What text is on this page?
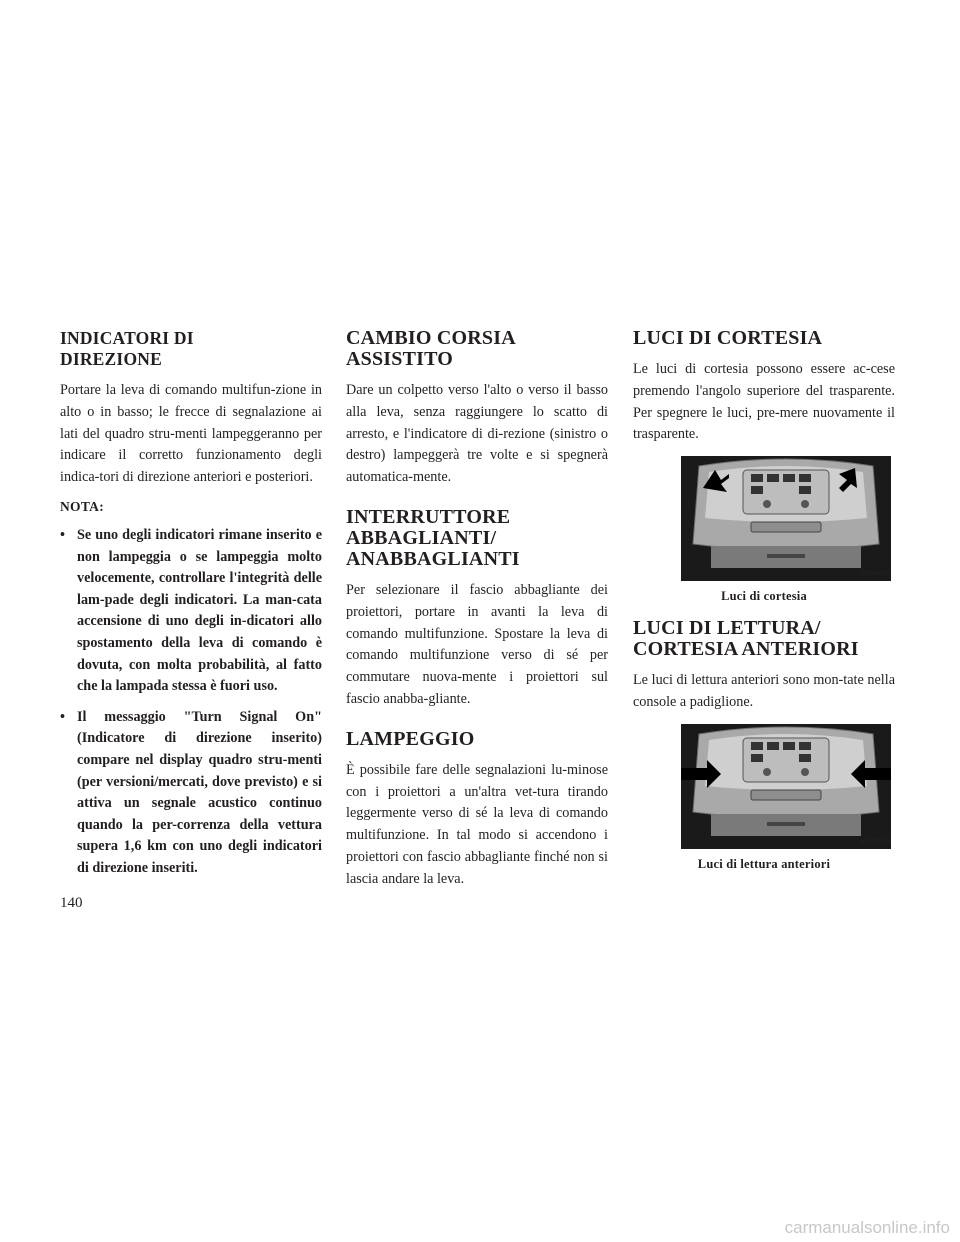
INDICATORI DI
DIREZIONE

Portare la leva di comando multifun-zione in alto o in basso; le frecce di segnalazione ai lati del quadro stru-menti lampeggeranno per indicare il corretto funzionamento degli indica-tori di direzione anteriori e posteriori.

NOTA:
• Se uno degli indicatori rimane inserito e non lampeggia o se lampeggia molto velocemente, controllare l'integrità delle lam-pade degli indicatori. La man-cata accensione di uno degli in-dicatori allo spostamento della leva di comando è dovuta, con molta probabilità, al fatto che la lampada stessa è fuori uso.
• Il messaggio "Turn Signal On" (Indicatore di direzione inserito) compare nel display quadro stru-menti (per versioni/mercati, dove previsto) e si attiva un segnale acustico continuo quando la per-correnza della vettura supera 1,6 km con uno degli indicatori di direzione inseriti.
CAMBIO CORSIA
ASSISTITO

Dare un colpetto verso l'alto o verso il basso alla leva, senza raggiungere lo scatto di arresto, e l'indicatore di di-rezione (sinistro o destro) lampeggerà tre volte e si spegnerà automatica-mente.

INTERRUTTORE
ABBAGLIANTI/
ANABBAGLIANTI

Per selezionare il fascio abbagliante dei proiettori, portare in avanti la leva di comando multifunzione. Spostare la leva di comando multifunzione verso di sé per commutare nuova-mente i proiettori sul fascio anabba-gliante.

LAMPEGGIO

È possibile fare delle segnalazioni lu-minose con i proiettori a un'altra vet-tura tirando leggermente verso di sé la leva di comando multifunzione. In tal modo si accendono i proiettori con fascio abbagliante finché non si lascia andare la leva.

LUCI DI CORTESIA

Le luci di cortesia possono essere ac-cese premendo l'angolo superiore del trasparente. Per spegnere le luci, pre-mere nuovamente il trasparente.

031464435
Luci di cortesia
LUCI DI LETTURA/
CORTESIA ANTERIORI

Le luci di lettura anteriori sono mon-tate nella console a padiglione.

031433150
Luci di lettura anteriori
140
carmanualsonline.info
